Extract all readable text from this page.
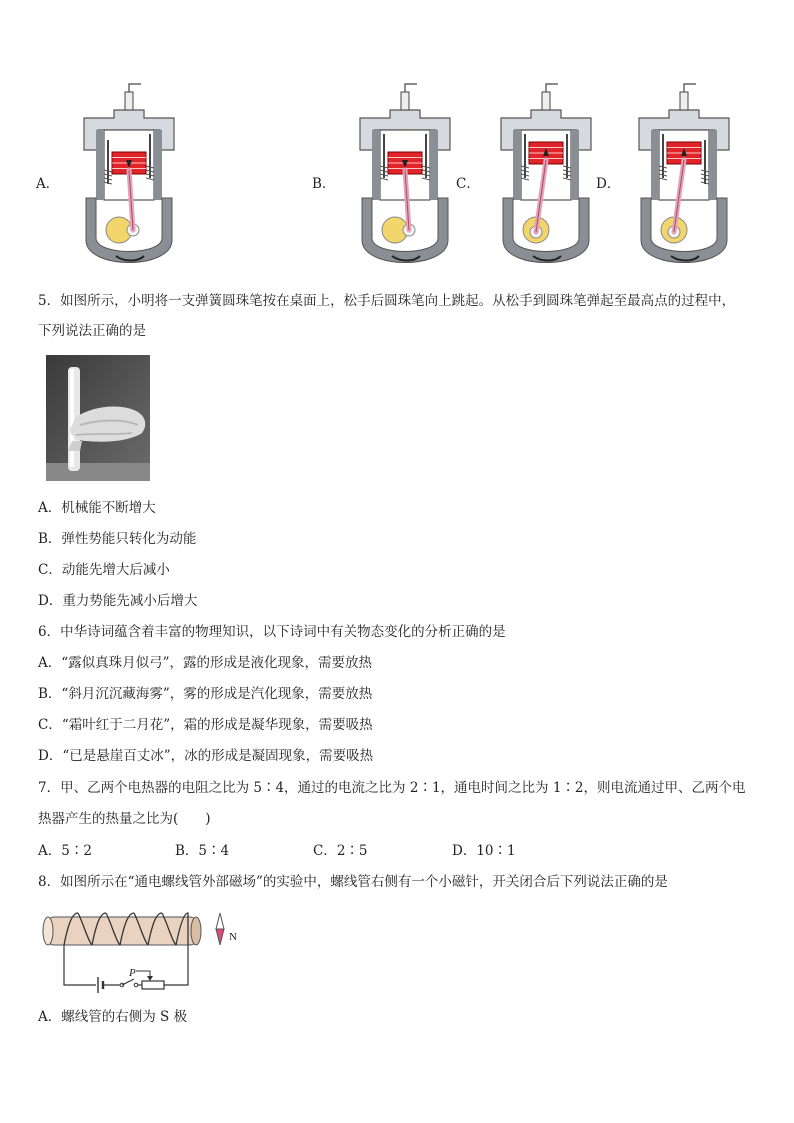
A．	B．	C．	D．
5．如图所示，小明将一支弹簧圆珠笔按在桌面上，松手后圆珠笔向上跳起。从松手到圆珠笔弹起至最高点的过程中，
下列说法正确的是
A．机械能不断增大
B．弹性势能只转化为动能
C．动能先增大后减小
D．重力势能先减小后增大
6．中华诗词蕴含着丰富的物理知识，以下诗词中有关物态变化的分析正确的是
A．“露似真珠月似弓”，露的形成是液化现象，需要放热
B．“斜月沉沉藏海雾”，雾的形成是汽化现象，需要放热
C．“霜叶红于二月花”，霜的形成是凝华现象，需要吸热
D．“已是悬崖百丈冰”，冰的形成是凝固现象，需要吸热
7．甲、乙两个电热器的电阻之比为 5∶4，通过的电流之比为 2∶1，通电时间之比为 1∶2，则电流通过甲、乙两个电
热器产生的热量之比为(　　)
A．5∶2	B．5∶4	C．2∶5	D．10∶1
8．如图所示在“通电螺线管外部磁场”的实验中，螺线管右侧有一个小磁针，开关闭合后下列说法正确的是
P
N
A．螺线管的右侧为 S 极
